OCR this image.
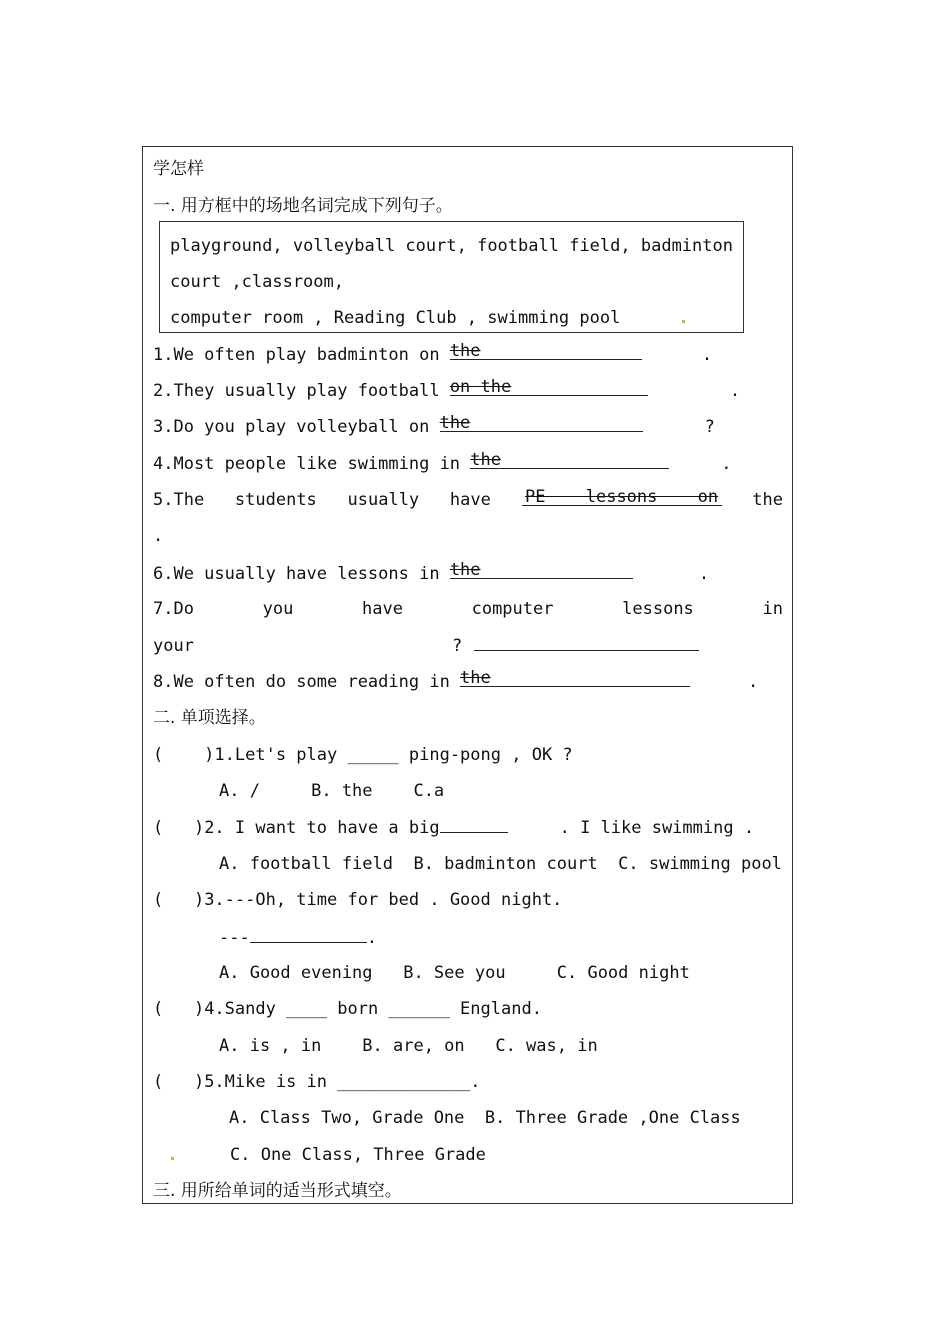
学怎样
一. 用方框中的场地名词完成下列句子。
playground, volleyball court, football field, badminton
court ,classroom,
computer room , Reading Club , swimming pool
1.We often play badminton on the	.
2.They usually play football on the	.
3.Do you play volleyball on the	?
4.Most people like swimming in the	.
5.The students usually have PE lessons on the
.
6.We usually have lessons in the	.
7.Do	you	have	computer	lessons	in
your	?
8.We often do some reading in the	.
二. 单项选择。
(    )1.Let's play _____ ping-pong , OK ?
A. /     B. the    C.a
(   )2. I want to have a big	. I like swimming .
A. football field  B. badminton court  C. swimming pool
(   )3.---Oh, time for bed . Good night.
---	.
A. Good evening   B. See you     C. Good night
(   )4.Sandy ____ born ______ England.
A. is , in    B. are, on   C. was, in
(   )5.Mike is in _____________.
A. Class Two, Grade One  B. Three Grade ,One Class
C. One Class, Three Grade
三. 用所给单词的适当形式填空。
